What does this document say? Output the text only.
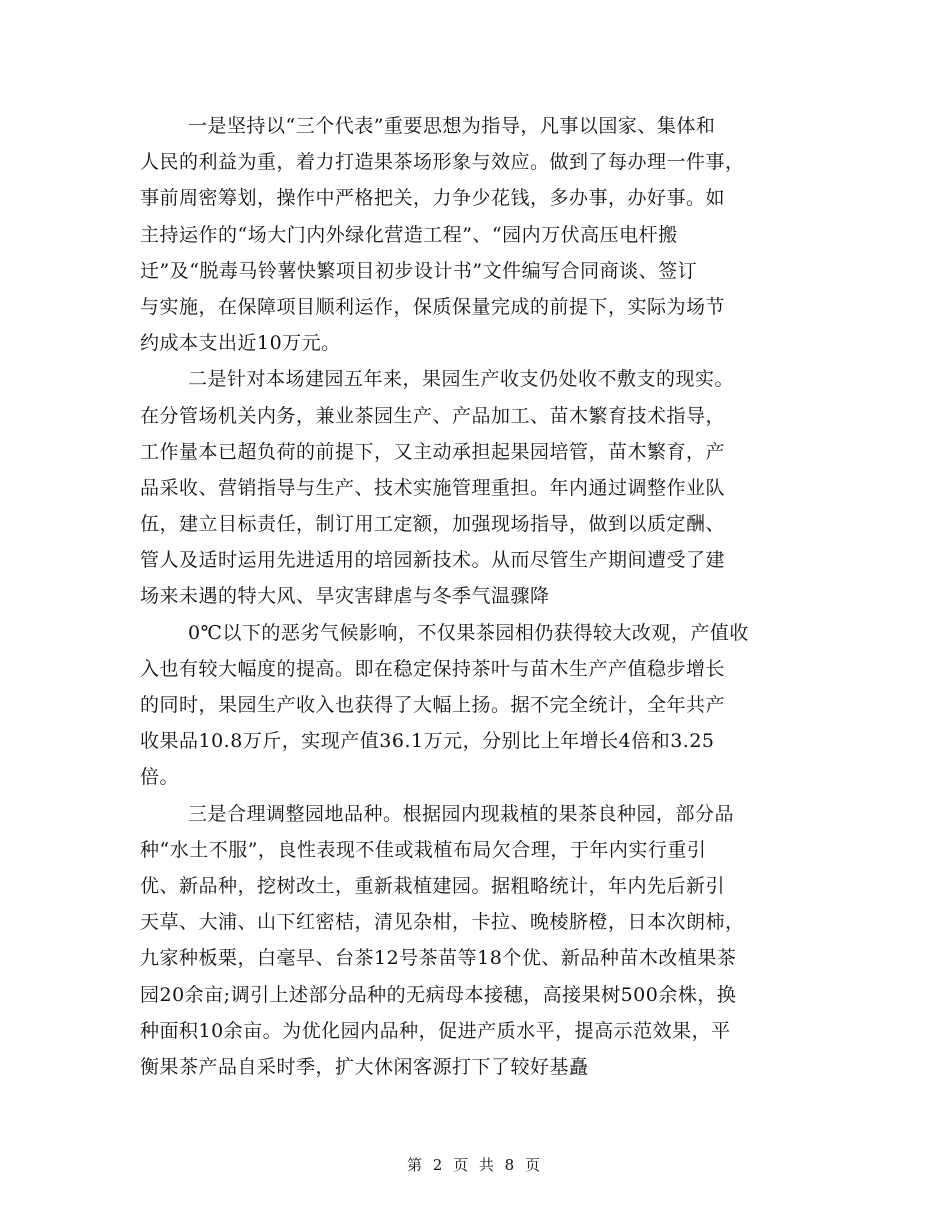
一是坚持以“三个代表”重要思想为指导，凡事以国家、集体和
人民的利益为重，着力打造果茶场形象与效应。做到了每办理一件事，
事前周密筹划，操作中严格把关，力争少花钱，多办事，办好事。如
主持运作的“场大门内外绿化营造工程”、“园内万伏高压电杆搬
迁”及“脱毒马铃薯快繁项目初步设计书”文件编写合同商谈、签订
与实施，在保障项目顺利运作，保质保量完成的前提下，实际为场节
约成本支出近10万元。
二是针对本场建园五年来，果园生产收支仍处收不敷支的现实。
在分管场机关内务，兼业茶园生产、产品加工、苗木繁育技术指导，
工作量本已超负荷的前提下，又主动承担起果园培管，苗木繁育，产
品采收、营销指导与生产、技术实施管理重担。年内通过调整作业队
伍，建立目标责任，制订用工定额，加强现场指导，做到以质定酬、
管人及适时运用先进适用的培园新技术。从而尽管生产期间遭受了建
场来未遇的特大风、旱灾害肆虐与冬季气温骤降
0℃以下的恶劣气候影响，不仅果茶园相仍获得较大改观，产值收
入也有较大幅度的提高。即在稳定保持茶叶与苗木生产产值稳步增长
的同时，果园生产收入也获得了大幅上扬。据不完全统计，全年共产
收果品10.8万斤，实现产值36.1万元，分别比上年增长4倍和3.25
倍。
三是合理调整园地品种。根据园内现栽植的果茶良种园，部分品
种“水土不服”，良性表现不佳或栽植布局欠合理，于年内实行重引
优、新品种，挖树改土，重新栽植建园。据粗略统计，年内先后新引
天草、大浦、山下红密桔，清见杂柑，卡拉、晚棱脐橙，日本次朗柿，
九家种板栗，白毫早、台茶12号茶苗等18个优、新品种苗木改植果茶
园20余亩;调引上述部分品种的无病母本接穗，高接果树500余株，换
种面积10余亩。为优化园内品种，促进产质水平，提高示范效果，平
衡果茶产品自采时季，扩大休闲客源打下了较好基矗
第 2 页 共 8 页
